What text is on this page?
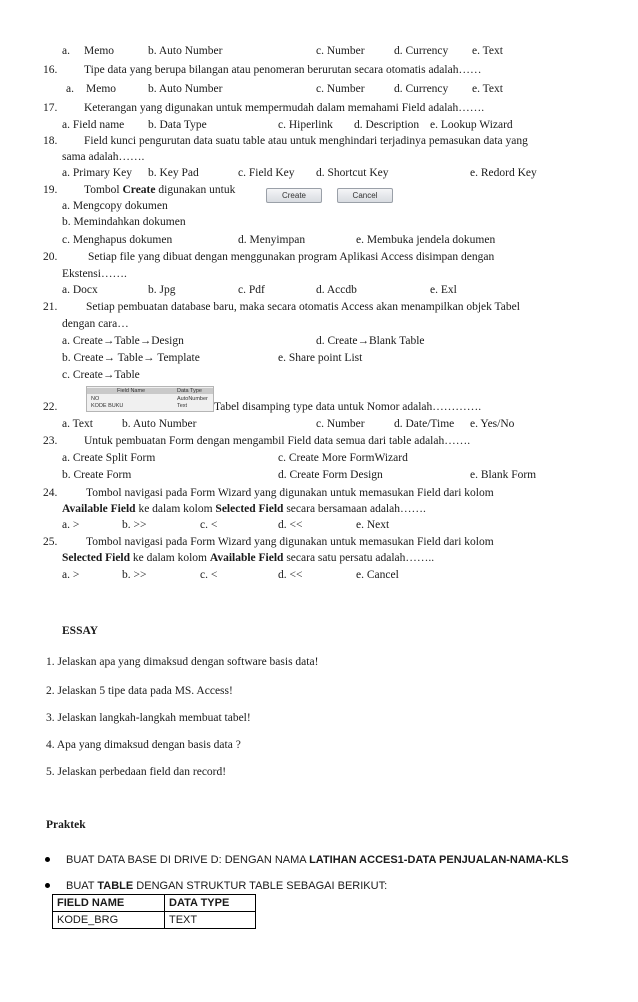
a. Memo	b. Auto Number	c. Number	d. Currency e. Text
16. Tipe data yang berupa bilangan atau penomeran berurutan secara otomatis adalah……
a. Memo	b. Auto Number	c. Number	d. Currency e. Text
17. Keterangan yang digunakan untuk mempermudah dalam memahami Field adalah…….
a. Field name b. Data Type	c. Hiperlink d. Description e. Lookup Wizard
18. Field kunci pengurutan data suatu table atau untuk menghindari terjadinya pemasukan data yang
sama adalah…….
a. Primary Key b. Key Pad	c. Field Key d. Shortcut Key	e. Redord Key
19. Tombol Create digunakan untuk	Create	Cancel
a. Mengcopy dokumen
b. Memindahkan dokumen
c. Menghapus dokumen	d. Menyimpan	e. Membuka jendela dokumen
20.	Setiap file yang dibuat dengan menggunakan program Aplikasi Access disimpan dengan
Ekstensi…….
a. Docx	b. Jpg	c. Pdf	d. Accdb	e. Exl
21. Setiap pembuatan database baru, maka secara otomatis Access akan menampilkan objek Tabel
dengan cara…
a. Create→Table→Design	d. Create→Blank Table
b. Create→ Table→ Template	e. Share point List
c. Create→Table
Field Name	Data Type
NO	AutoNumber
KODE BUKU	Text
22.	Tabel disamping type data untuk Nomor adalah………….
a. Text	b. Auto Number	c. Number	d. Date/Time e. Yes/No
23. Untuk pembuatan Form dengan mengambil Field data semua dari table adalah…….
a. Create Split Form	c. Create More FormWizard
b. Create Form	d. Create Form Design	e. Blank Form
24. Tombol navigasi pada Form Wizard yang digunakan untuk memasukan Field dari kolom
Available Field ke dalam kolom Selected Field secara bersamaan adalah…….
a. >	b. >>	c. <	d. <<	e. Next
25. Tombol navigasi pada Form Wizard yang digunakan untuk memasukan Field dari kolom
Selected Field ke dalam kolom Available Field secara satu persatu adalah……..
a. >	b. >>	c. <	d. <<	e. Cancel
ESSAY
1. Jelaskan apa yang dimaksud dengan software basis data!
2. Jelaskan 5 tipe data pada MS. Access!
3. Jelaskan langkah-langkah membuat tabel!
4. Apa yang dimaksud dengan basis data ?
5. Jelaskan perbedaan field dan record!
Praktek
BUAT DATA BASE DI DRIVE D: DENGAN NAMA LATIHAN ACCES1-DATA PENJUALAN-NAMA-KLS
BUAT TABLE DENGAN STRUKTUR TABLE SEBAGAI BERIKUT:
FIELD NAME	DATA TYPE
KODE_BRG	TEXT
